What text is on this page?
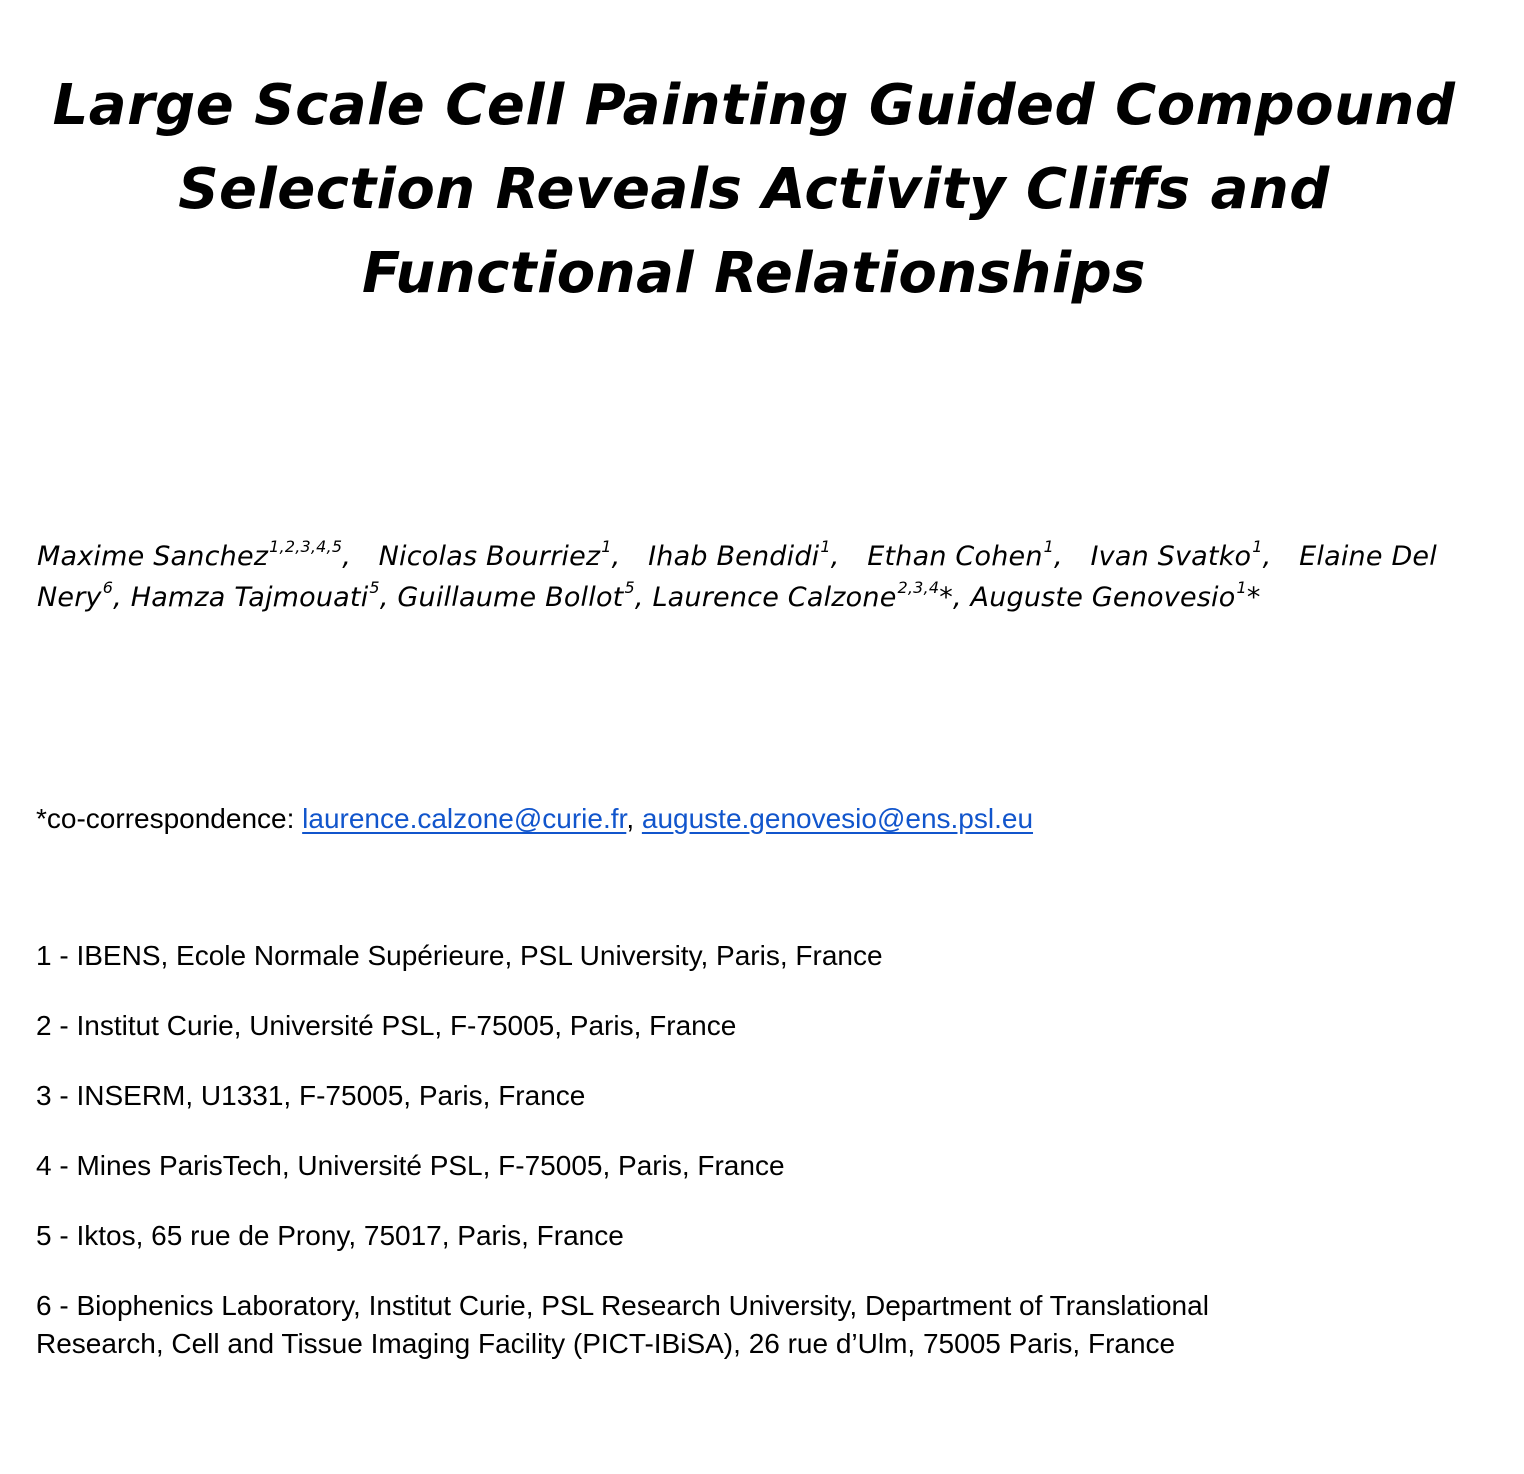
Large Scale Cell Painting Guided Compound
Selection Reveals Activity Cliffs and
Functional Relationships
Maxime Sanchez$^{1,2,3,4,5}$, Nicolas Bourriez$^1$, Ihab Bendidi$^1$, Ethan Cohen$^1$, Ivan Svatko$^1$, Elaine Del
Nery$^6$, Hamza Tajmouati$^5$, Guillaume Bollot$^5$, Laurence Calzone$^{2,3,4}$*, Auguste Genovesio$^1$*
*co-correspondence: laurence.calzone@curie.fr, auguste.genovesio@ens.psl.eu

1 - IBENS, Ecole Normale Supérieure, PSL University, Paris, France

2 - Institut Curie, Université PSL, F-75005, Paris, France

3 - INSERM, U1331, F-75005, Paris, France

4 - Mines ParisTech, Université PSL, F-75005, Paris, France

5 - Iktos, 65 rue de Prony, 75017, Paris, France

6 - Biophenics Laboratory, Institut Curie, PSL Research University, Department of Translational
Research, Cell and Tissue Imaging Facility (PICT-IBiSA), 26 rue d’Ulm, 75005 Paris, France
